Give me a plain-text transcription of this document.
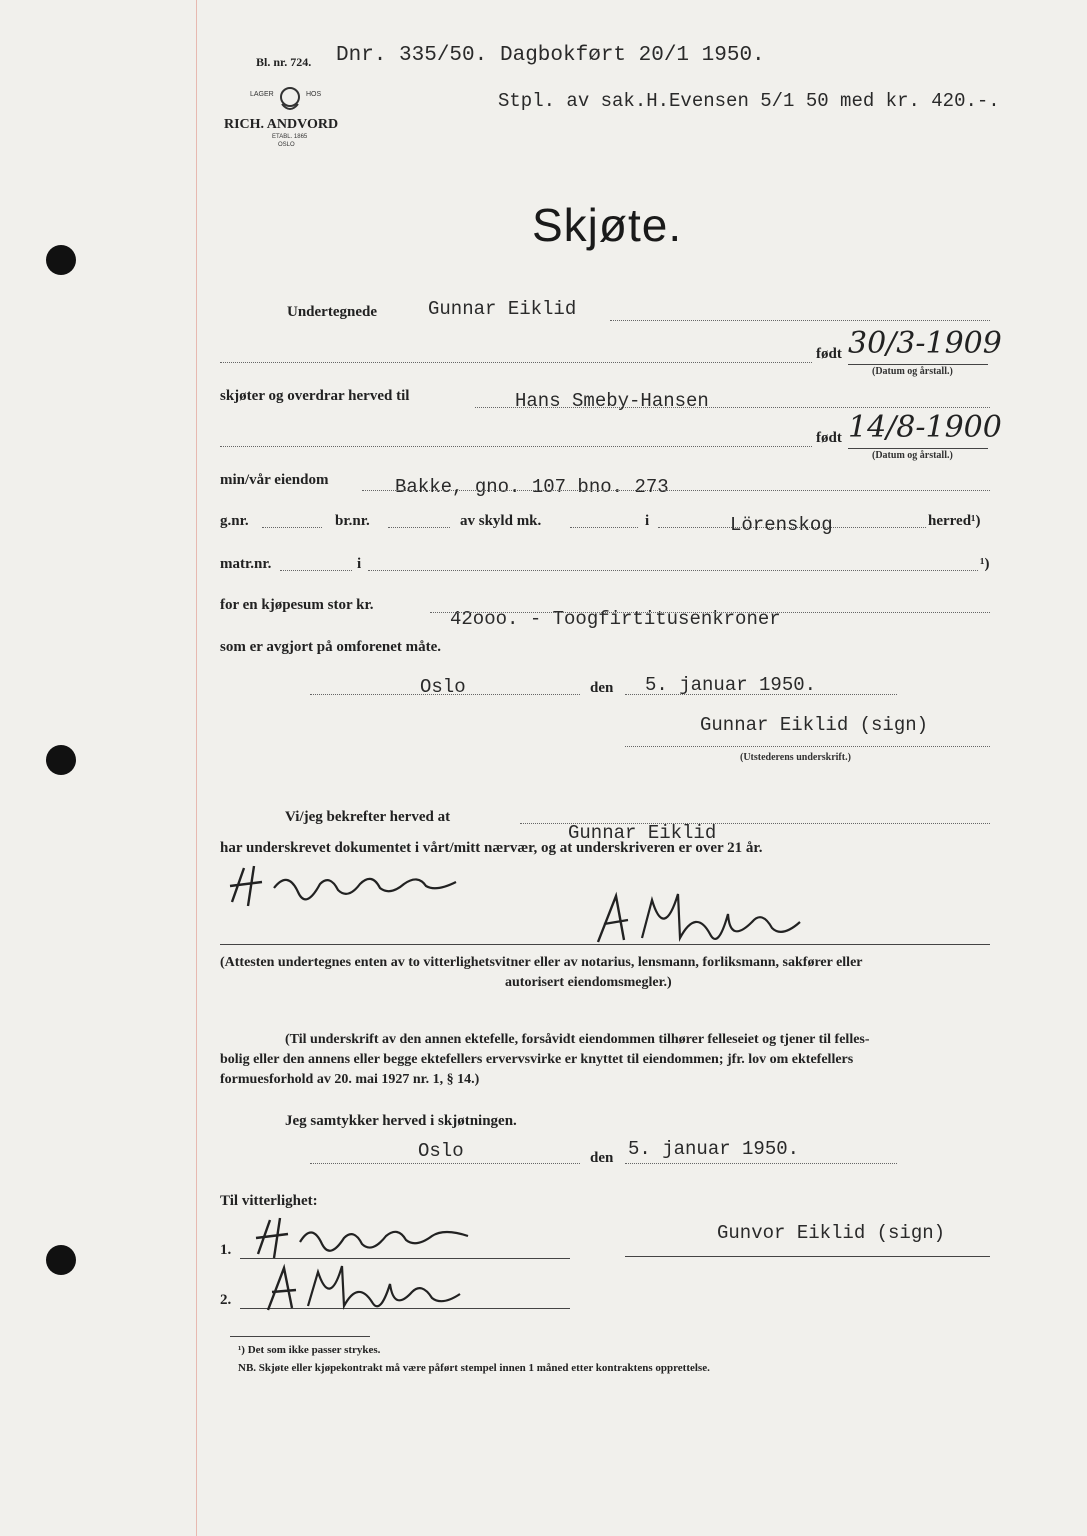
Bl. nr. 724. Dnr. 335/50. Dagbokført 20/1 1950.
Stpl. av sak.H.Evensen 5/1 50 med kr. 420.-.
LAGER	HOS
RICH. ANDVORD
ETABL. 1865
OSLO
Skjøte.
Undertegnede	Gunnar Eiklid
født 30/3-1909
(Datum og årstall.)
skjøter og overdrar herved til	Hans Smeby-Hansen
født 14/8-1900
(Datum og årstall.)
min/vår eiendom	Bakke, gno. 107 bno. 273
g.nr.	br.nr.	av skyld mk.	i	Lörenskog	herred¹)
matr.nr.	i	¹)
for en kjøpesum stor kr.
42ooo. - Toogfirtitusenkroner
som er avgjort på omforenet måte.
Oslo	den 5. januar 1950.
Gunnar Eiklid (sign)
(Utstederens underskrift.)
Vi/jeg bekrefter herved at
Gunnar Eiklid
har underskrevet dokumentet i vårt/mitt nærvær, og at underskriveren er over 21 år.
(Attesten undertegnes enten av to vitterlighetsvitner eller av notarius, lensmann, forliksmann, sakfører eller
autorisert eiendomsmegler.)
(Til underskrift av den annen ektefelle, forsåvidt eiendommen tilhører felleseiet og tjener til felles-
bolig eller den annens eller begge ektefellers ervervsvirke er knyttet til eiendommen; jfr. lov om ektefellers
formuesforhold av 20. mai 1927 nr. 1, § 14.)
Jeg samtykker herved i skjøtningen.
Oslo	den 5. januar 1950.
Til vitterlighet:
Gunvor Eiklid (sign)
1.
2.
¹) Det som ikke passer strykes.
NB. Skjøte eller kjøpekontrakt må være påført stempel innen 1 måned etter kontraktens opprettelse.
